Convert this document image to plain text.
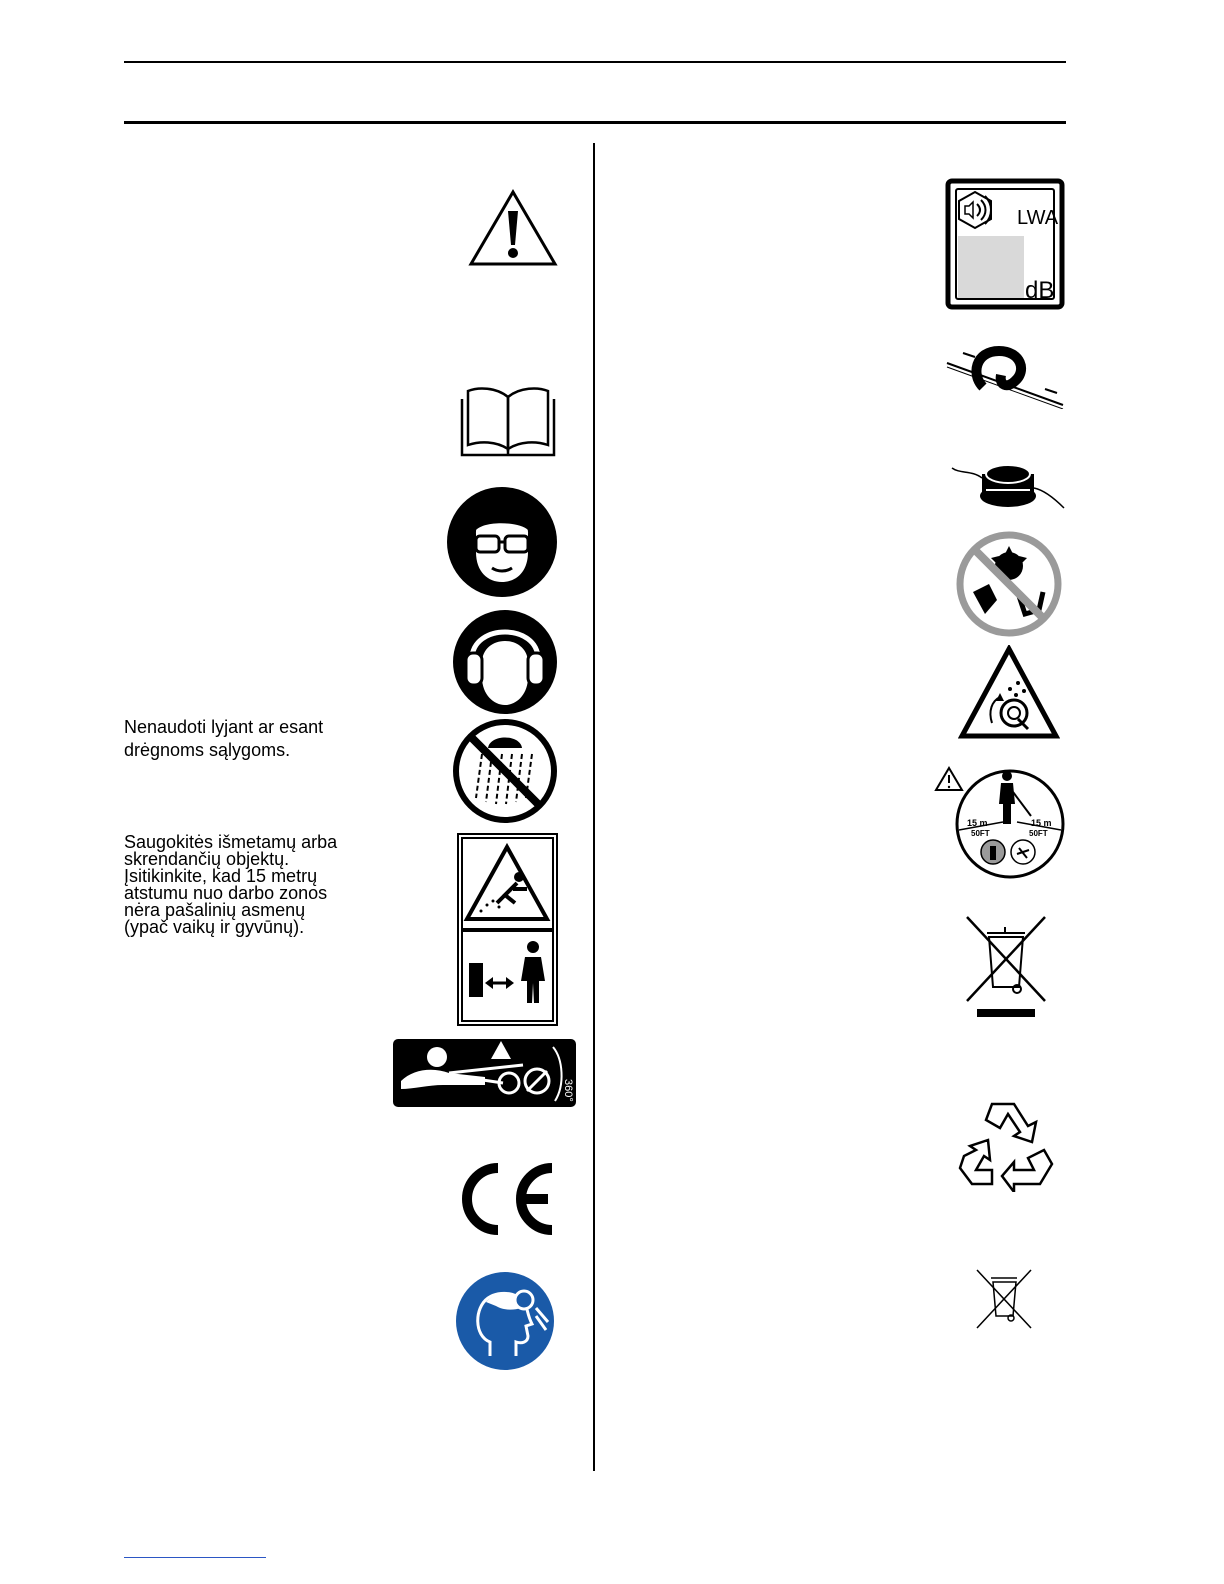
Nenaudoti lyjant ar esant
drėgnoms sąlygoms.
Saugokitės išmetamų arba
skrendančių objektų.
Įsitikinkite, kad 15 metrų
atstumu nuo darbo zonos
nėra pašalinių asmenų
(ypač vaikų ir gyvūnų).
360°
LWA
dB
15 m
50FT
15 m
50FT
